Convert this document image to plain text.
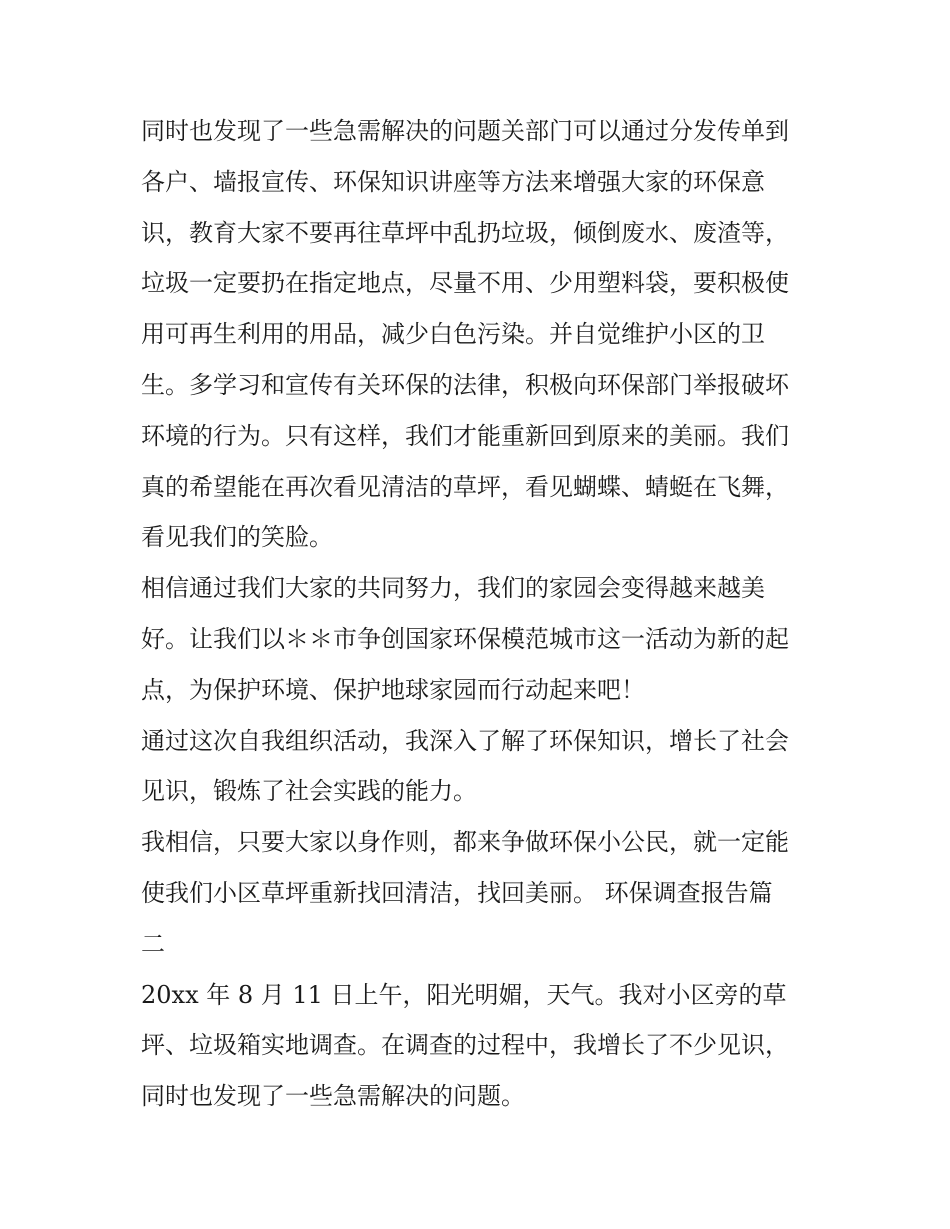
同时也发现了一些急需解决的问题关部门可以通过分发传单到
各户、墙报宣传、环保知识讲座等方法来增强大家的环保意
识，教育大家不要再往草坪中乱扔垃圾，倾倒废水、废渣等，
垃圾一定要扔在指定地点，尽量不用、少用塑料袋，要积极使
用可再生利用的用品，减少白色污染。并自觉维护小区的卫
生。多学习和宣传有关环保的法律，积极向环保部门举报破坏
环境的行为。只有这样，我们才能重新回到原来的美丽。我们
真的希望能在再次看见清洁的草坪，看见蝴蝶、蜻蜓在飞舞，
看见我们的笑脸。
相信通过我们大家的共同努力，我们的家园会变得越来越美
好。让我们以＊＊市争创国家环保模范城市这一活动为新的起
点，为保护环境、保护地球家园而行动起来吧！
通过这次自我组织活动，我深入了解了环保知识，增长了社会
见识，锻炼了社会实践的能力。
我相信，只要大家以身作则，都来争做环保小公民，就一定能
使我们小区草坪重新找回清洁，找回美丽。 环保调查报告篇
二
20xx 年 8 月 11 日上午，阳光明媚，天气。我对小区旁的草
坪、垃圾箱实地调查。在调查的过程中，我增长了不少见识，
同时也发现了一些急需解决的问题。
